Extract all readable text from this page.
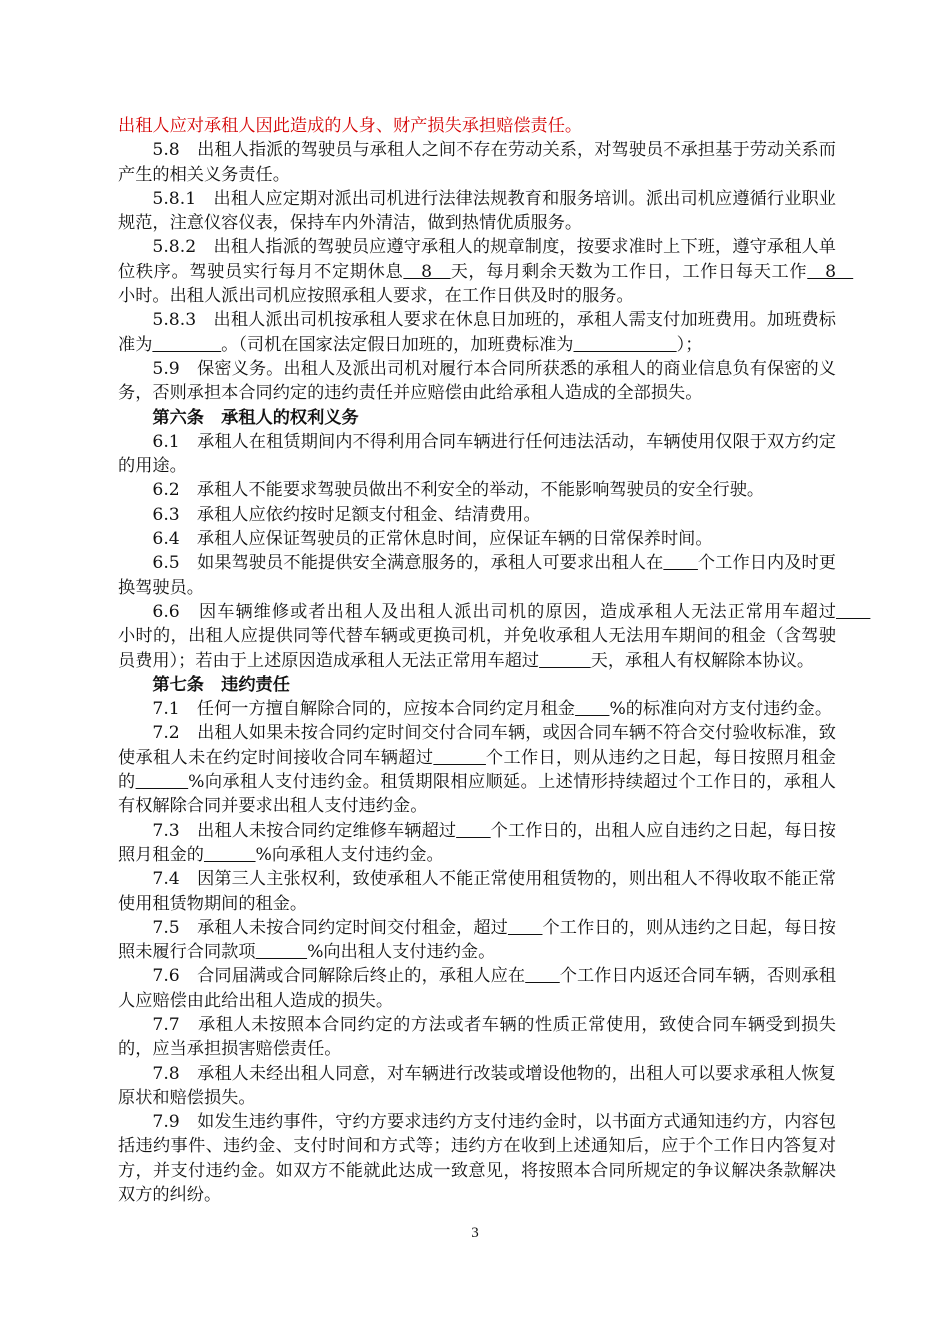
出租人应对承租人因此造成的人身、财产损失承担赔偿责任。

5.8　出租人指派的驾驶员与承租人之间不存在劳动关系，对驾驶员不承担基于劳动关系而产生的相关义务责任。

5.8.1　出租人应定期对派出司机进行法律法规教育和服务培训。派出司机应遵循行业职业规范，注意仪容仪表，保持车内外清洁，做到热情优质服务。

5.8.2　出租人指派的驾驶员应遵守承租人的规章制度，按要求准时上下班，遵守承租人单位秩序。驾驶员实行每月不定期休息　8　天，每月剩余天数为工作日，工作日每天工作　8　小时。出租人派出司机应按照承租人要求，在工作日供及时的服务。

5.8.3　出租人派出司机按承租人要求在休息日加班的，承租人需支付加班费用。加班费标准为　　　　	。（司机在国家法定假日加班的，加班费标准为　　　　　　	）；

5.9　保密义务。出租人及派出司机对履行本合同所获悉的承租人的商业信息负有保密的义务，否则承担本合同约定的违约责任并应赔偿由此给承租人造成的全部损失。

第六条　承租人的权利义务

6.1　承租人在租赁期间内不得利用合同车辆进行任何违法活动，车辆使用仅限于双方约定的用途。

6.2　承租人不能要求驾驶员做出不利安全的举动，不能影响驾驶员的安全行驶。

6.3　承租人应依约按时足额支付租金、结清费用。

6.4　承租人应保证驾驶员的正常休息时间，应保证车辆的日常保养时间。

6.5　如果驾驶员不能提供安全满意服务的，承租人可要求出租人在　　 个工作日内及时更换驾驶员。

6.6　因车辆维修或者出租人及出租人派出司机的原因，造成承租人无法正常用车超过　　小时的，出租人应提供同等代替车辆或更换司机，并免收承租人无法用车期间的租金（含驾驶员费用）；若由于上述原因造成承租人无法正常用车超过　　　	天，承租人有权解除本协议。

第七条　违约责任

7.1　任何一方擅自解除合同的，应按本合同约定月租金　　 %的标准向对方支付违约金。

7.2　出租人如果未按合同约定时间交付合同车辆，或因合同车辆不符合交付验收标准，致使承租人未在约定时间接收合同车辆超过　　　	个工作日，则从违约之日起，每日按照月租金的　　　	%向承租人支付违约金。租赁期限相应顺延。上述情形持续超过个工作日的，承租人有权解除合同并要求出租人支付违约金。

7.3　出租人未按合同约定维修车辆超过　　 个工作日的，出租人应自违约之日起，每日按照月租金的　　　	%向承租人支付违约金。

7.4　因第三人主张权利，致使承租人不能正常使用租赁物的，则出租人不得收取不能正常使用租赁物期间的租金。

7.5　承租人未按合同约定时间交付租金，超过　　 个工作日的，则从违约之日起，每日按照未履行合同款项　　　	%向出租人支付违约金。

7.6　合同届满或合同解除后终止的，承租人应在　　 个工作日内返还合同车辆，否则承租人应赔偿由此给出租人造成的损失。

7.7　承租人未按照本合同约定的方法或者车辆的性质正常使用，致使合同车辆受到损失的，应当承担损害赔偿责任。

7.8　承租人未经出租人同意，对车辆进行改装或增设他物的，出租人可以要求承租人恢复原状和赔偿损失。

7.9　如发生违约事件，守约方要求违约方支付违约金时，以书面方式通知违约方，内容包括违约事件、违约金、支付时间和方式等；违约方在收到上述通知后，应于个工作日内答复对方，并支付违约金。如双方不能就此达成一致意见，将按照本合同所规定的争议解决条款解决双方的纠纷。

3
